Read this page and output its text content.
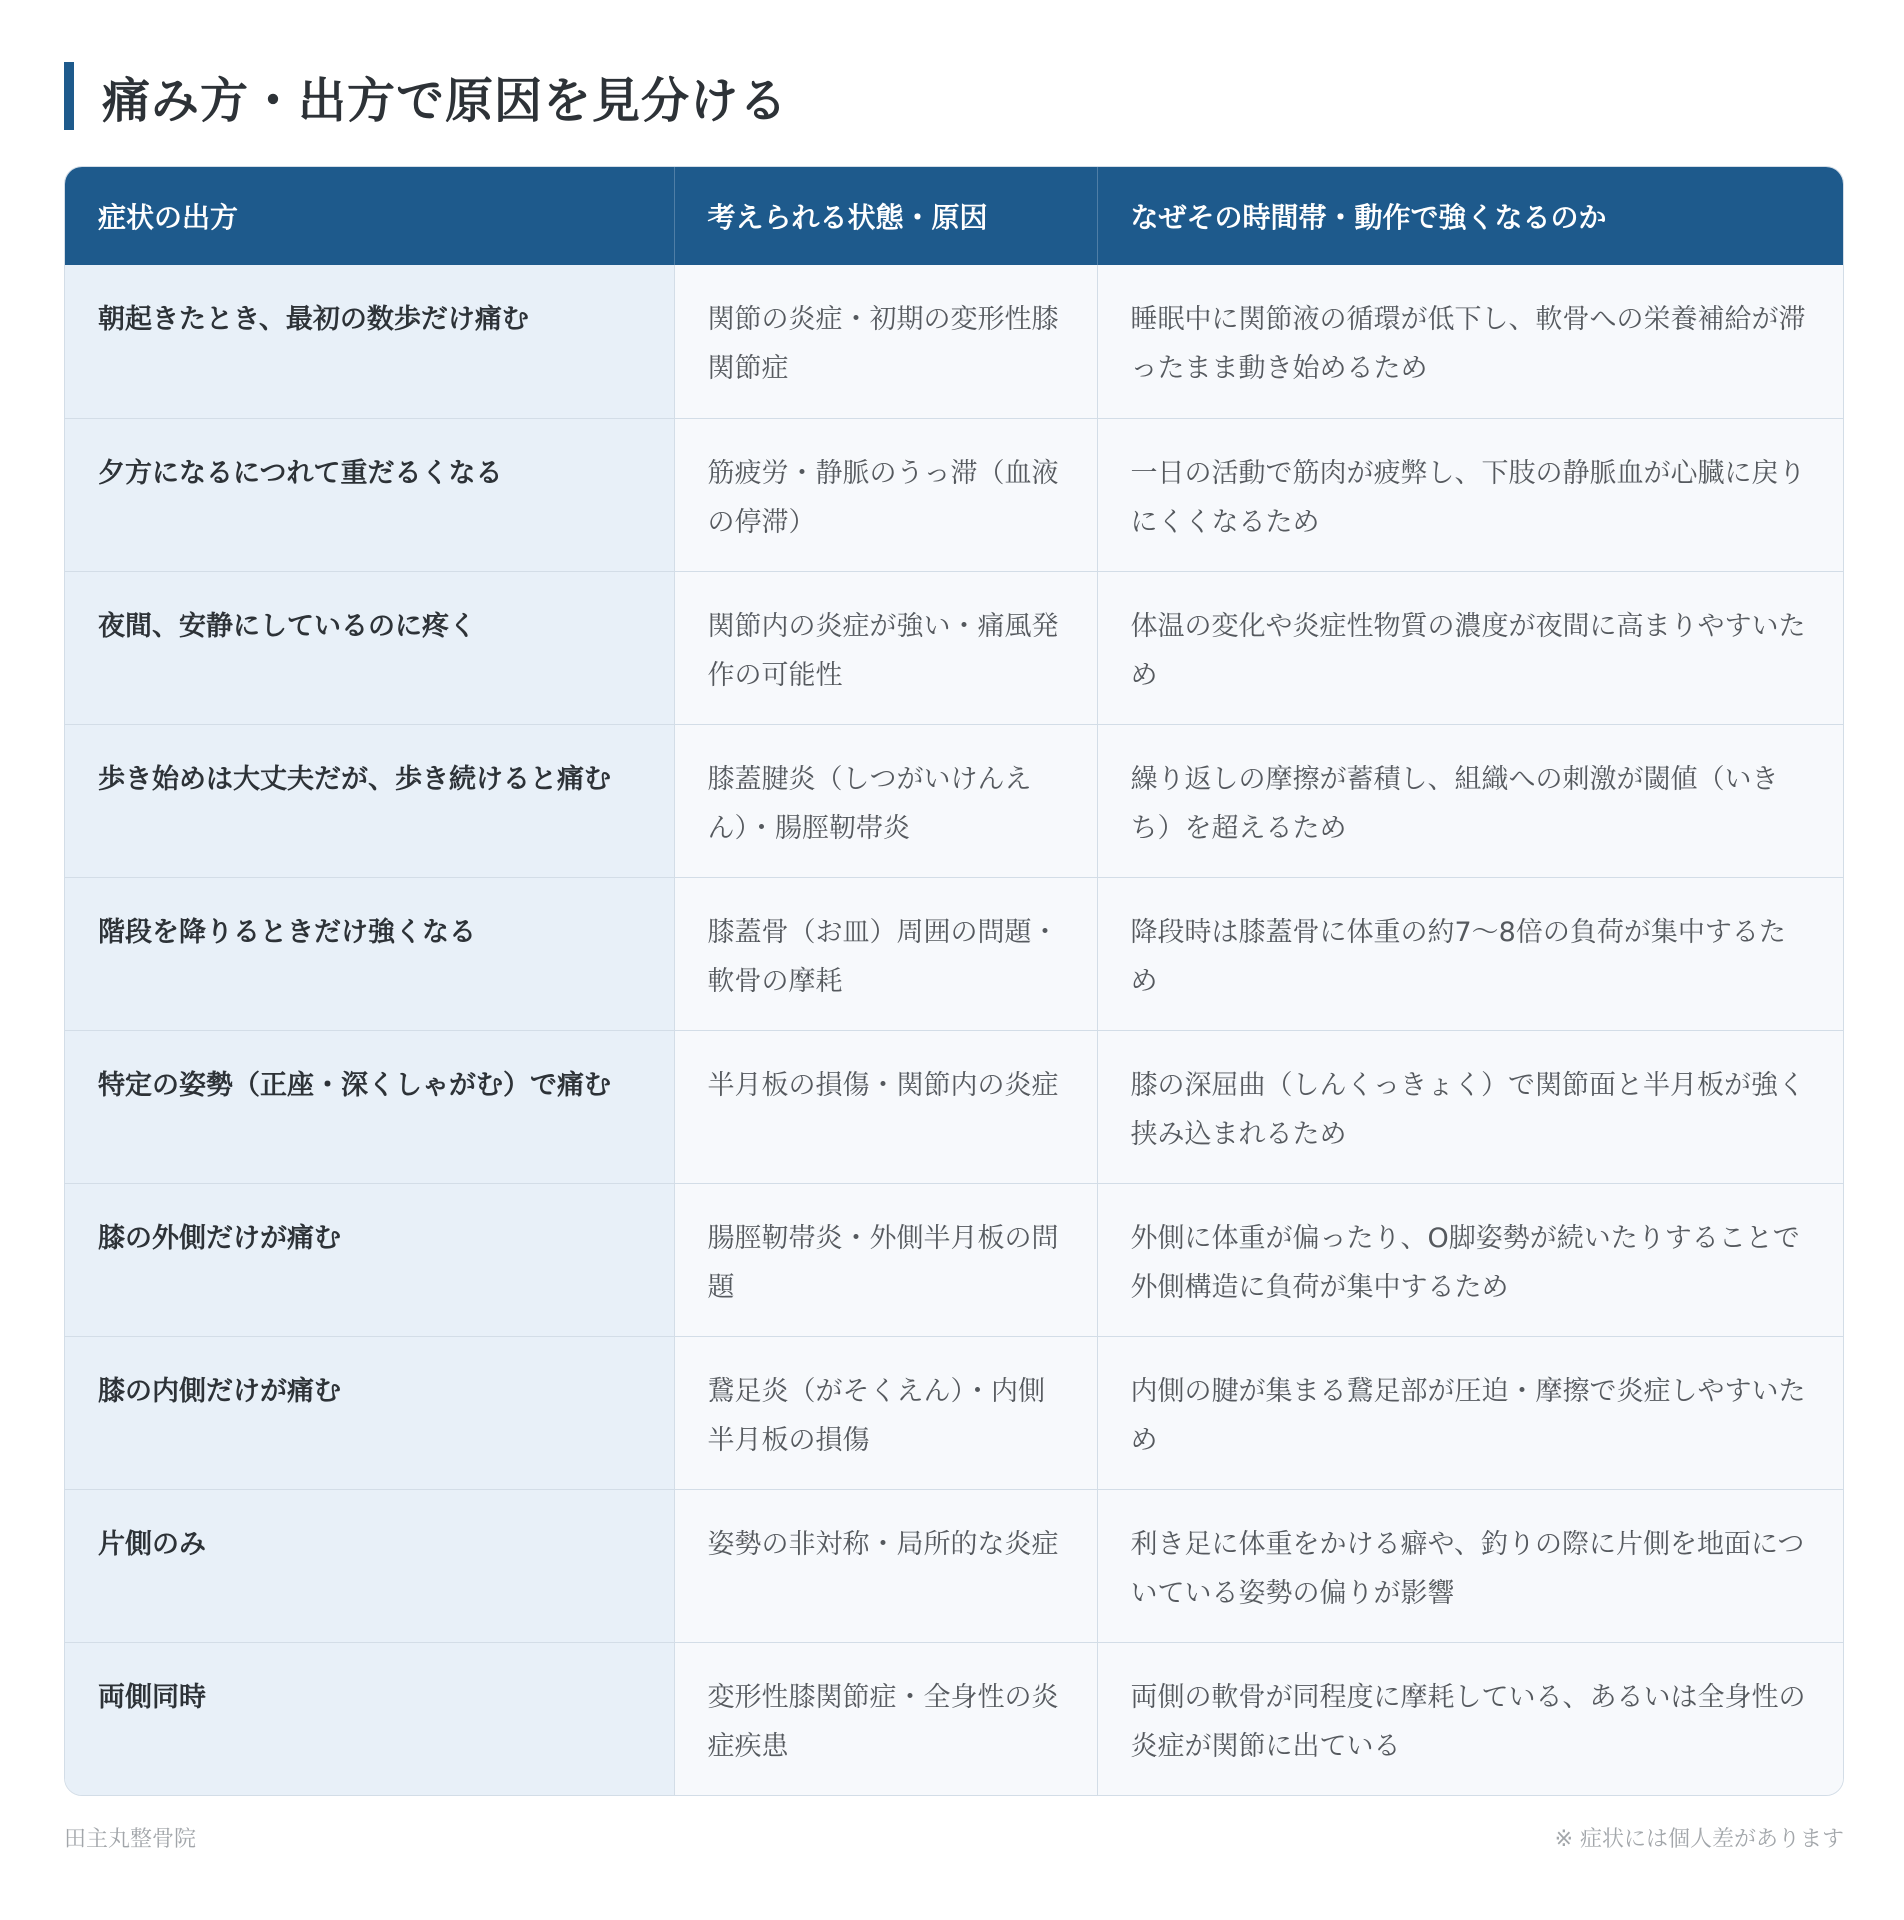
痛み方・出方で原因を見分ける
症状の出方	考えられる状態・原因	なぜその時間帯・動作で強くなるのか
朝起きたとき、最初の数歩だけ痛む	関節の炎症・初期の変形性膝関節症	睡眠中に関節液の循環が低下し、軟骨への栄養補給が滞ったまま動き始めるため
夕方になるにつれて重だるくなる	筋疲労・静脈のうっ滞（血液の停滞）	一日の活動で筋肉が疲弊し、下肢の静脈血が心臓に戻りにくくなるため
夜間、安静にしているのに疼く	関節内の炎症が強い・痛風発作の可能性	体温の変化や炎症性物質の濃度が夜間に高まりやすいため
歩き始めは大丈夫だが、歩き続けると痛む	膝蓋腱炎（しつがいけんえん）・腸脛靭帯炎	繰り返しの摩擦が蓄積し、組織への刺激が閾値（いきち）を超えるため
階段を降りるときだけ強くなる	膝蓋骨（お皿）周囲の問題・軟骨の摩耗	降段時は膝蓋骨に体重の約7〜8倍の負荷が集中するため
特定の姿勢（正座・深くしゃがむ）で痛む	半月板の損傷・関節内の炎症	膝の深屈曲（しんくっきょく）で関節面と半月板が強く挟み込まれるため
膝の外側だけが痛む	腸脛靭帯炎・外側半月板の問題	外側に体重が偏ったり、O脚姿勢が続いたりすることで外側構造に負荷が集中するため
膝の内側だけが痛む	鵞足炎（がそくえん）・内側半月板の損傷	内側の腱が集まる鵞足部が圧迫・摩擦で炎症しやすいため
片側のみ	姿勢の非対称・局所的な炎症	利き足に体重をかける癖や、釣りの際に片側を地面についている姿勢の偏りが影響
両側同時	変形性膝関節症・全身性の炎症疾患	両側の軟骨が同程度に摩耗している、あるいは全身性の炎症が関節に出ている
田主丸整骨院	※ 症状には個人差があります
